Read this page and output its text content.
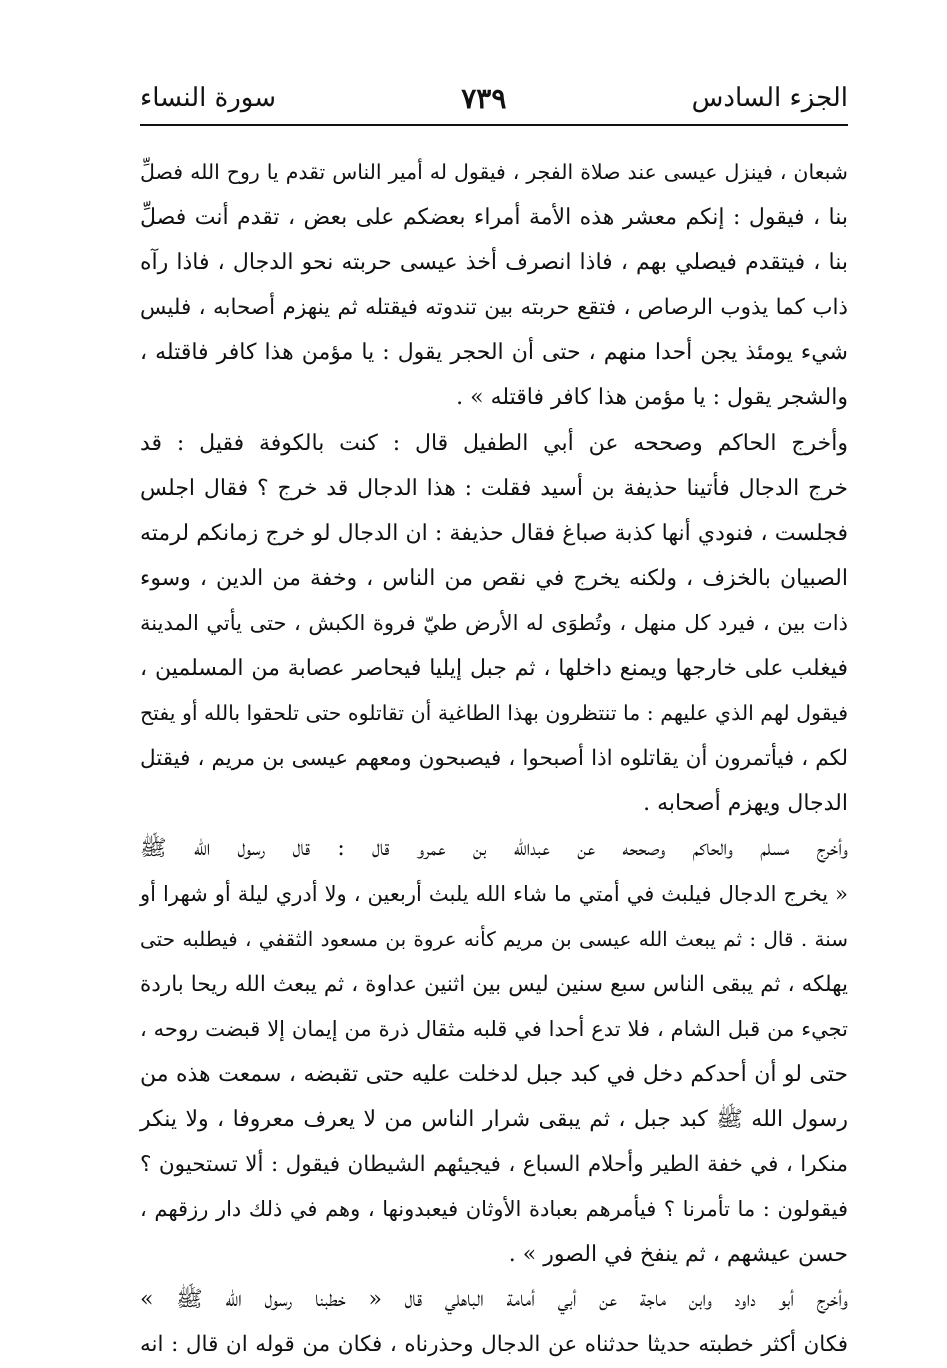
الجزء السادس
٧٣٩
سورة النساء
شبعان ، فينزل عيسى عند صلاة الفجر ، فيقول له أمير الناس تقدم يا روح الله فصلِّ
بنا ، فيقول : إنكم معشر هذه الأمة أمراء بعضكم على بعض ، تقدم أنت فصلِّ
بنا ، فيتقدم فيصلي بهم ، فاذا انصرف أخذ عيسى حربته نحو الدجال ، فاذا رآه
ذاب كما يذوب الرصاص ، فتقع حربته بين تندوته فيقتله ثم ينهزم أصحابه ، فليس
شيء يومئذ يجن أحدا منهم ، حتى أن الحجر يقول : يا مؤمن هذا كافر فاقتله ،
والشجر يقول : يا مؤمن هذا كافر فاقتله » .
وأخرج الحاكم وصححه عن أبي الطفيل قال : كنت بالكوفة فقيل : قد
خرج الدجال فأتينا حذيفة بن أسيد فقلت : هذا الدجال قد خرج ؟ فقال اجلس
فجلست ، فنودي أنها كذبة صباغ فقال حذيفة : ان الدجال لو خرج زمانكم لرمته
الصبيان بالخزف ، ولكنه يخرج في نقص من الناس ، وخفة من الدين ، وسوء
ذات بين ، فيرد كل منهل ، وتُطوَى له الأرض طيّ فروة الكبش ، حتى يأتي المدينة
فيغلب على خارجها ويمنع داخلها ، ثم جبل إيليا فيحاصر عصابة من المسلمين ،
فيقول لهم الذي عليهم : ما تنتظرون بهذا الطاغية أن تقاتلوه حتى تلحقوا بالله أو يفتح
لكم ، فيأتمرون أن يقاتلوه اذا أصبحوا ، فيصبحون ومعهم عيسى بن مريم ، فيقتل
الدجال ويهزم أصحابه .
وأخرج مسلم والحاكم وصححه عن عبدالله بن عمرو قال : قال رسول الله ﷺ
« يخرج الدجال فيلبث في أمتي ما شاء الله يلبث أربعين ، ولا أدري ليلة أو شهرا أو
سنة . قال : ثم يبعث الله عيسى بن مريم كأنه عروة بن مسعود الثقفي ، فيطلبه حتى
يهلكه ، ثم يبقى الناس سبع سنين ليس بين اثنين عداوة ، ثم يبعث الله ريحا باردة
تجيء من قبل الشام ، فلا تدع أحدا في قلبه مثقال ذرة من إيمان إلا قبضت روحه ،
حتى لو أن أحدكم دخل في كبد جبل لدخلت عليه حتى تقبضه ، سمعت هذه من
رسول الله ﷺ كبد جبل ، ثم يبقى شرار الناس من لا يعرف معروفا ، ولا ينكر
منكرا ، في خفة الطير وأحلام السباع ، فيجيئهم الشيطان فيقول : ألا تستحيون ؟
فيقولون : ما تأمرنا ؟ فيأمرهم بعبادة الأوثان فيعبدونها ، وهم في ذلك دار رزقهم ،
حسن عيشهم ، ثم ينفخ في الصور » .
وأخرج أبو داود وابن ماجة عن أبي أمامة الباهلي قال « خطبنا رسول الله ﷺ »
فكان أكثر خطبته حديثا حدثناه عن الدجال وحذرناه ، فكان من قوله ان قال : انه
